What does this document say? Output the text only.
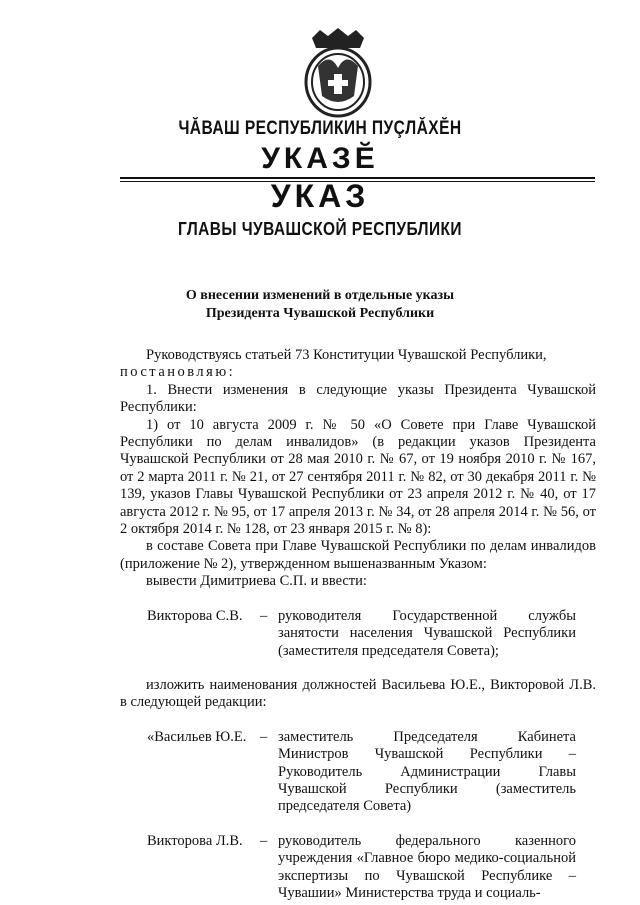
ЧĂВАШ РЕСПУБЛИКИН ПУÇЛĂХĔН
УКАЗĔ
УКАЗ
ГЛАВЫ ЧУВАШСКОЙ РЕСПУБЛИКИ
О внесении изменений в отдельные указы
Президента Чувашской Республики

Руководствуясь статьей 73 Конституции Чувашской Республики,

постановляю:

1. Внести изменения в следующие указы Президента Чувашской Республики:

1) от 10 августа 2009 г. № 50 «О Совете при Главе Чувашской Республики по делам инвалидов» (в редакции указов Президента Чувашской Республики от 28 мая 2010 г. № 67, от 19 ноября 2010 г. № 167, от 2 марта 2011 г. № 21, от 27 сентября 2011 г. № 82, от 30 декабря 2011 г. № 139, указов Главы Чувашской Республики от 23 апреля 2012 г. № 40, от 17 августа 2012 г. № 95, от 17 апреля 2013 г. № 34, от 28 апреля 2014 г. № 56, от 2 октября 2014 г. № 128, от 23 января 2015 г. № 8):

в составе Совета при Главе Чувашской Республики по делам инвалидов (приложение № 2), утвержденном вышеназванным Указом:

вывести Димитриева С.П. и ввести:

Викторова С.В.	– руководителя Государственной службы занятости населения Чувашской Республики (заместителя председателя Совета);

изложить наименования должностей Васильева Ю.Е., Викторовой Л.В. в следующей редакции:

«Васильев Ю.Е. – заместитель Председателя Кабинета Министров Чувашской Республики – Руководитель Администрации Главы Чувашской Республики (заместитель председателя Совета)
Викторова Л.В.	– руководитель федерального казенного учреждения «Главное бюро медико-социальной экспертизы по Чувашской Республике – Чувашии» Министерства труда и социаль-
